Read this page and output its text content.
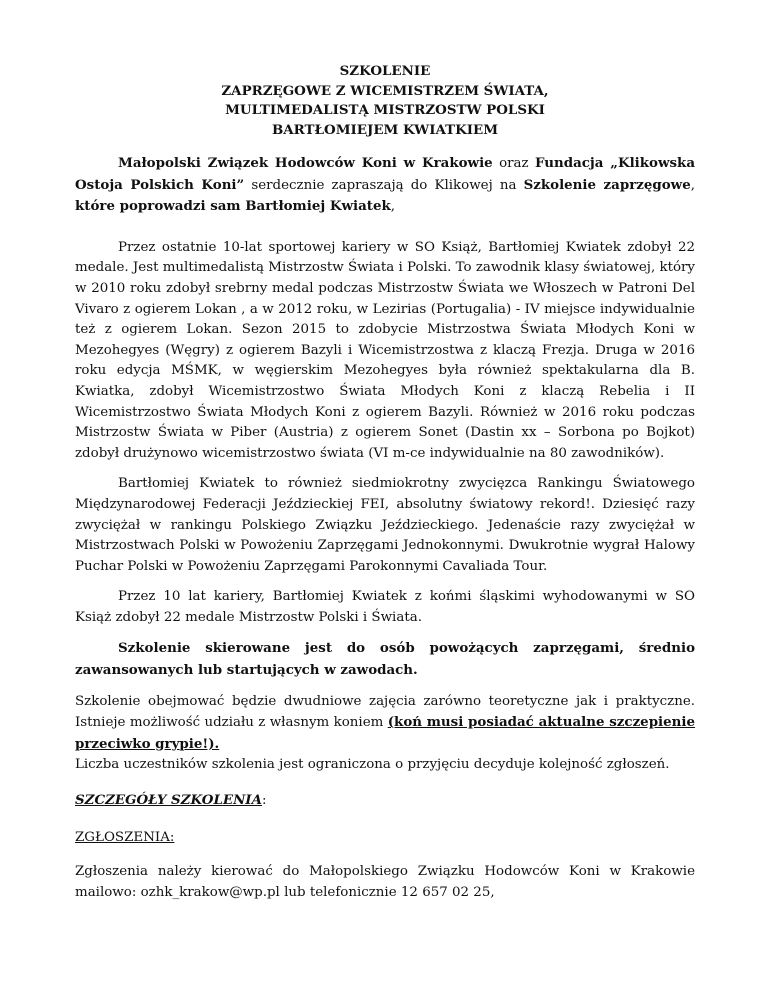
SZKOLENIE
ZAPRZĘGOWE Z WICEMISTRZEM ŚWIATA,
MULTIMEDALISTĄ MISTRZOSTW POLSKI
BARTŁOMIEJEM KWIATKIEM

Małopolski Związek Hodowców Koni w Krakowie oraz Fundacja „Klikowska Ostoja Polskich Koni” serdecznie zapraszają do Klikowej na Szkolenie zaprzęgowe, które poprowadzi sam Bartłomiej Kwiatek,

Przez ostatnie 10-lat sportowej kariery w SO Książ, Bartłomiej Kwiatek zdobył 22 medale. Jest multimedalistą Mistrzostw Świata i Polski. To zawodnik klasy światowej, który w 2010 roku zdobył srebrny medal podczas Mistrzostw Świata we Włoszech w Patroni Del Vivaro z ogierem Lokan , a w 2012 roku, w Lezirias (Portugalia) - IV miejsce indywidualnie też z ogierem Lokan. Sezon 2015 to zdobycie Mistrzostwa Świata Młodych Koni w Mezohegyes (Węgry) z ogierem Bazyli i Wicemistrzostwa z klaczą Frezja. Druga w 2016 roku edycja MŚMK, w węgierskim Mezohegyes była również spektakularna dla B. Kwiatka, zdobył Wicemistrzostwo Świata Młodych Koni z klaczą Rebelia i II Wicemistrzostwo Świata Młodych Koni z ogierem Bazyli. Również w 2016 roku podczas Mistrzostw Świata w Piber (Austria) z ogierem Sonet (Dastin xx – Sorbona po Bojkot) zdobył drużynowo wicemistrzostwo świata (VI m-ce indywidualnie na 80 zawodników).

Bartłomiej Kwiatek to również siedmiokrotny zwycięzca Rankingu Światowego Międzynarodowej Federacji Jeździeckiej FEI, absolutny światowy rekord!. Dziesięć razy zwyciężał w rankingu Polskiego Związku Jeździeckiego. Jedenaście razy zwyciężał w Mistrzostwach Polski w Powożeniu Zaprzęgami Jednokonnymi. Dwukrotnie wygrał Halowy Puchar Polski w Powożeniu Zaprzęgami Parokonnymi Cavaliada Tour.

Przez 10 lat kariery, Bartłomiej Kwiatek z końmi śląskimi wyhodowanymi w SO Książ zdobył 22 medale Mistrzostw Polski i Świata.

Szkolenie skierowane jest do osób powożących zaprzęgami, średnio zawansowanych lub startujących w zawodach.

Szkolenie obejmować będzie dwudniowe zajęcia zarówno teoretyczne jak i praktyczne. Istnieje możliwość udziału z własnym koniem (koń musi posiadać aktualne szczepienie przeciwko grypie!).

Liczba uczestników szkolenia jest ograniczona o przyjęciu decyduje kolejność zgłoszeń.

SZCZEGÓŁY SZKOLENIA:

ZGŁOSZENIA:

Zgłoszenia należy kierować do Małopolskiego Związku Hodowców Koni w Krakowie mailowo: ozhk_krakow@wp.pl lub telefonicznie 12 657 02 25,
